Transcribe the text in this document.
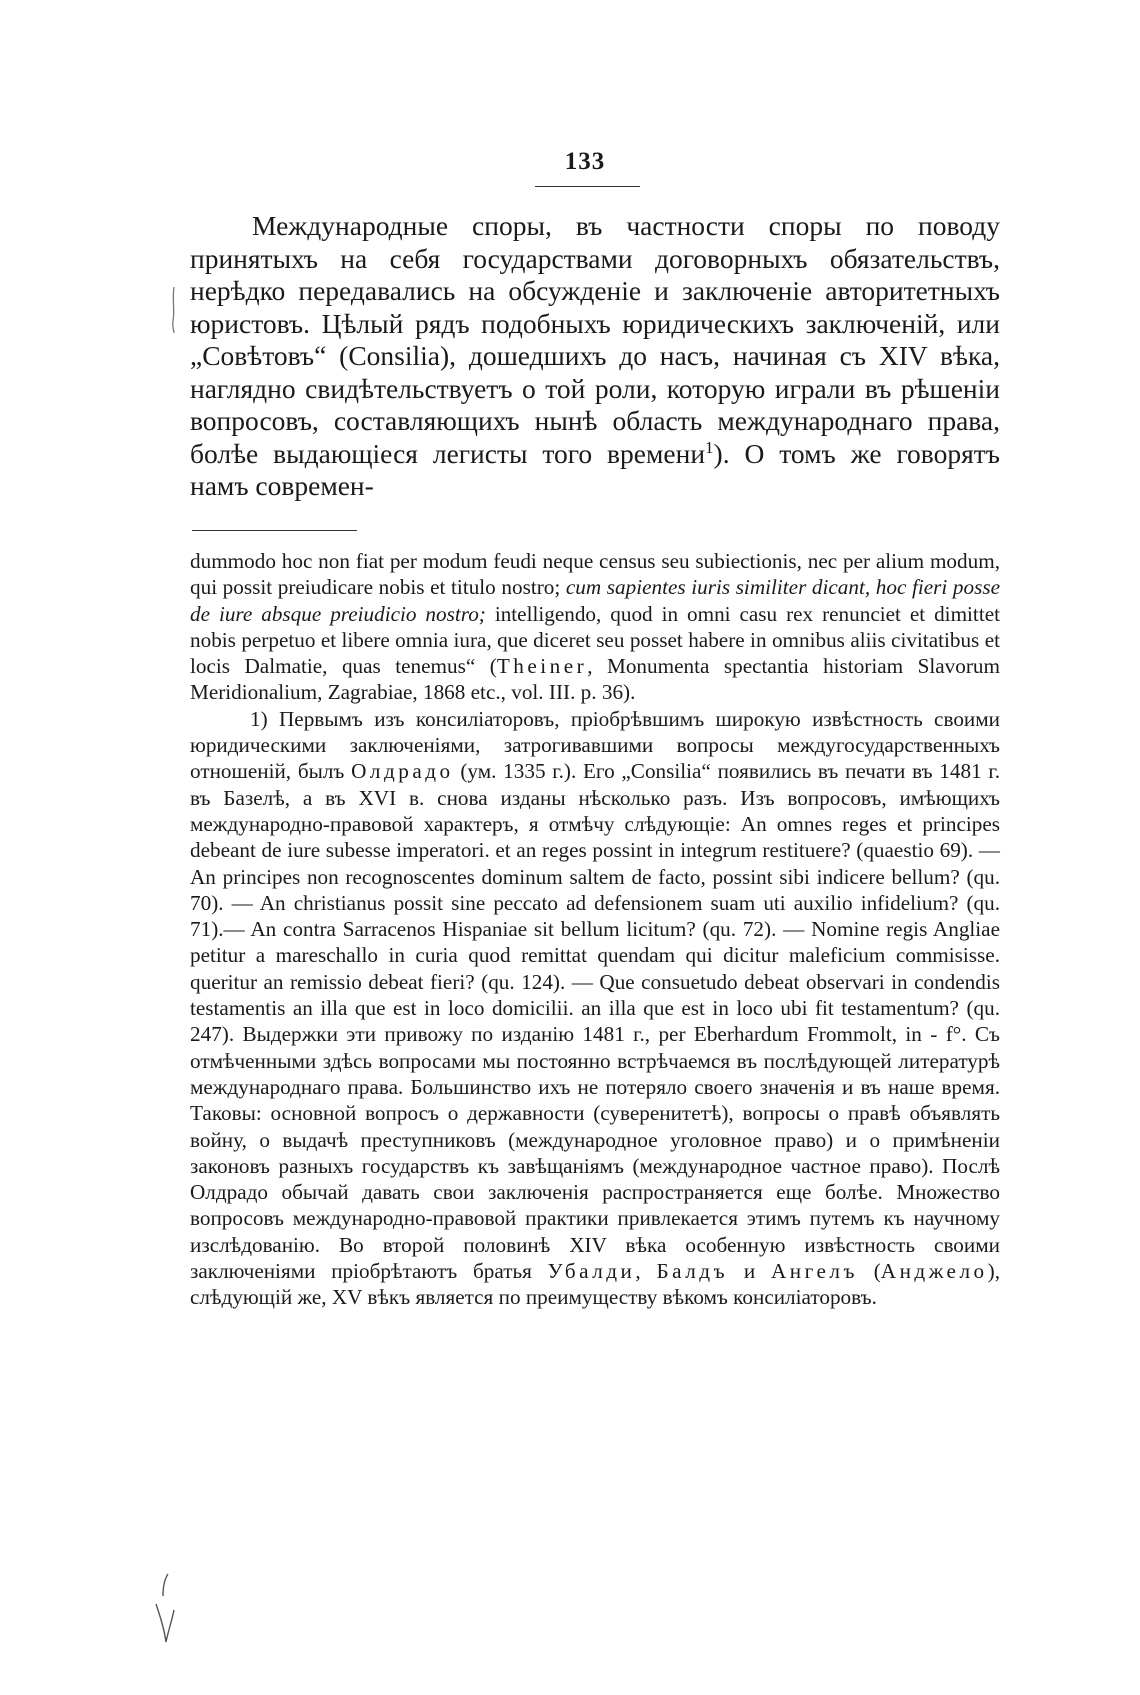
133

Международные споры, въ частности споры по поводу принятыхъ на себя государствами договорныхъ обязательствъ, нерѣдко передавались на обсужденіе и заключеніе авторитетныхъ юристовъ. Цѣлый рядъ подобныхъ юридическихъ заключеній, или „Совѣтовъ“ (Consilia), дошедшихъ до насъ, начиная съ XIV вѣка, наглядно свидѣтельствуетъ о той роли, которую играли въ рѣшеніи вопросовъ, составляющихъ нынѣ область международнаго права, болѣе выдающіеся легисты того времени$^1$). О томъ же говорятъ намъ современ-

dummodo hoc non fiat per modum feudi neque census seu subiectionis, nec per alium modum, qui possit preiudicare nobis et titulo nostro; cum sapientes iuris similiter dicant, hoc fieri posse de iure absque preiudicio nostro; intelligendo, quod in omni casu rex renunciet et dimittet nobis perpetuo et libere omnia iura, que diceret seu posset habere in omnibus aliis civitatibus et locis Dalmatie, quas tenemus“ (Theiner, Monumenta spectantia historiam Slavorum Meridionalium, Zagrabiae, 1868 etc., vol. III. p. 36).

1) Первымъ изъ консиліаторовъ, пріобрѣвшимъ широкую извѣстность своими юридическими заключеніями, затрогивавшими вопросы междугосударственныхъ отношеній, былъ Олдрадо (ум. 1335 г.). Его „Consilia“ появились въ печати въ 1481 г. въ Базелѣ, а въ XVI в. снова изданы нѣсколько разъ. Изъ вопросовъ, имѣющихъ международно-правовой характеръ, я отмѣчу слѣдующіе: An omnes reges et principes debeant de iure subesse imperatori. et an reges possint in integrum restituere? (quaestio 69). — An principes non recognoscentes dominum saltem de facto, possint sibi indicere bellum? (qu. 70). — An christianus possit sine peccato ad defensionem suam uti auxilio infidelium? (qu. 71).— An contra Sarracenos Hispaniae sit bellum licitum? (qu. 72). — Nomine regis Angliae petitur a mareschallo in curia quod remittat quendam qui dicitur maleficium commisisse. queritur an remissio debeat fieri? (qu. 124). — Que consuetudo debeat observari in condendis testamentis an illa que est in loco domicilii. an illa que est in loco ubi fit testamentum? (qu. 247). Выдержки эти привожу по изданію 1481 г., per Eberhardum Frommolt, in - f°. Съ отмѣченными здѣсь вопросами мы постоянно встрѣчаемся въ послѣдующей литературѣ международнаго права. Большинство ихъ не потеряло своего значенія и въ наше время. Таковы: основной вопросъ о державности (суверенитетѣ), вопросы о правѣ объявлять войну, о выдачѣ преступниковъ (международное уголовное право) и о примѣненіи законовъ разныхъ государствъ къ завѣщаніямъ (международное частное право). Послѣ Олдрадо обычай давать свои заключенія распространяется еще болѣе. Множество вопросовъ международно-правовой практики привлекается этимъ путемъ къ научному изслѣдованію. Во второй половинѣ XIV вѣка особенную извѣстность своими заключеніями пріобрѣтаютъ братья Убалди, Балдъ и Ангелъ (Анджело), слѣдующій же, XV вѣкъ является по преимуществу вѣкомъ консиліаторовъ.
